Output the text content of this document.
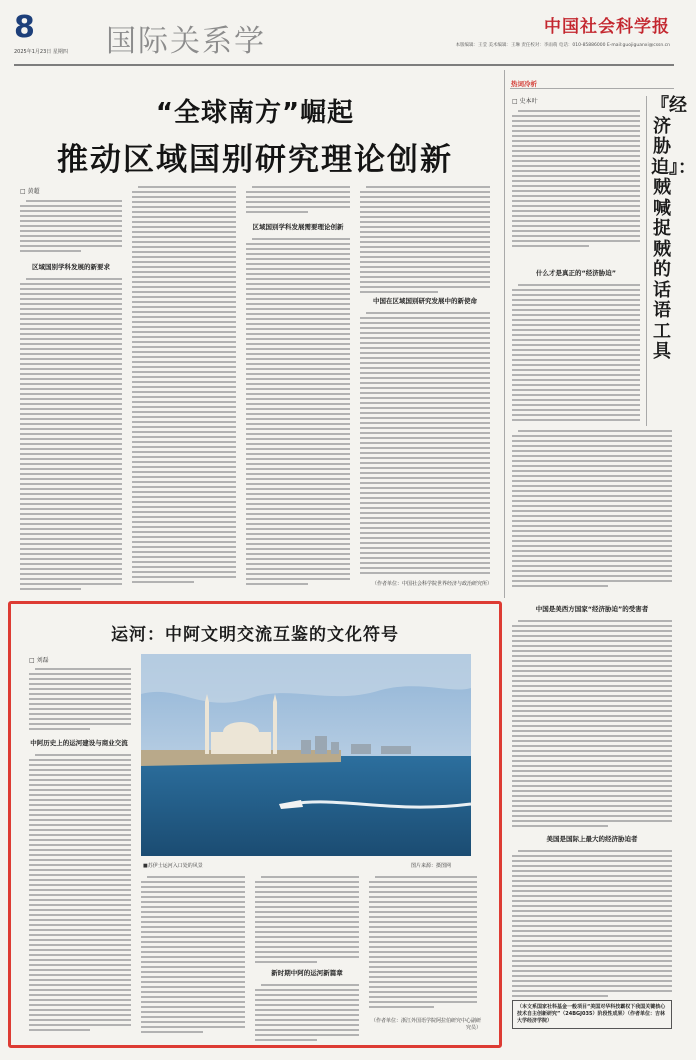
8
2025年1月23日 星期四 国际关系学	中国社会科学报
本版编辑：王莹 美术编辑：王琳 责任校对：李雨萌 电话：010-85886000 E-mail:guojiguanxi@cssn.cn
“全球南方”崛起
推动区域国别研究理论创新
□ 黄超
区域国别学科发展的新要求
区域国别学科发展需要理论创新
中国在区域国别研究发展中的新使命
（作者单位：中国社会科学院世界经济与政治研究所）
运河：中阿文明交流互鉴的文化符号
□ 刘磊
中阿历史上的运河建设与商业交流
■苏伊士运河入口处的风景	图片来源：摄图网
新时期中阿的运河新篇章
（作者单位：浙江外国语学院阿拉伯研究中心副研究员）
热词冷析
□ 史本叶	『经济胁迫』：贼喊捉贼的话语工具
什么才是真正的“经济胁迫”
中国是美西方国家“经济胁迫”的受害者
美国是国际上最大的经济胁迫者
（本文系国家社科基金一般项目“美国对华科技霸权下我国关键核心技术自主创新研究”（24BGJ035）阶段性成果）（作者单位：吉林大学经济学院）
